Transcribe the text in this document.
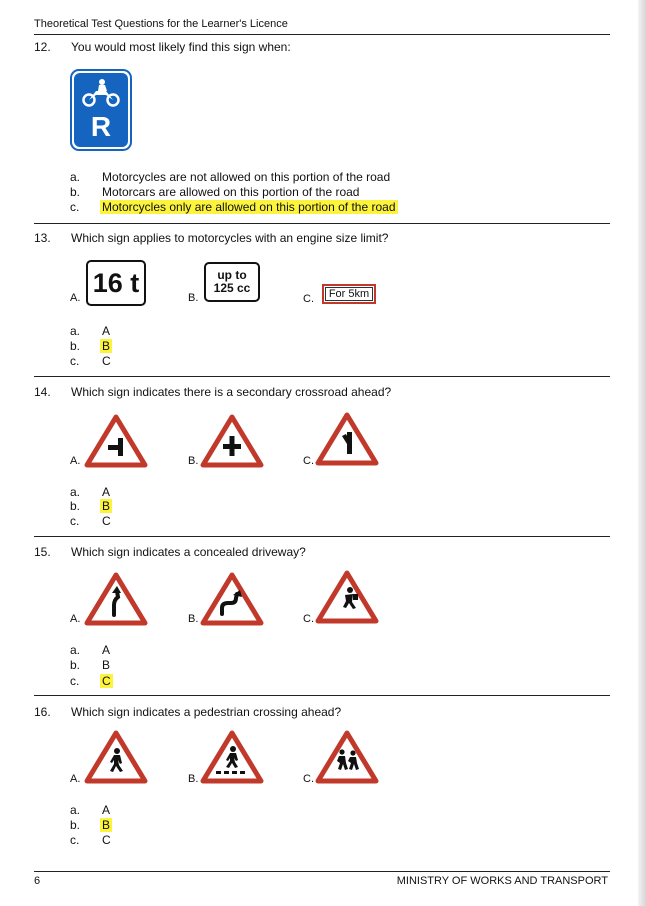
Theoretical Test Questions for the Learner's Licence
12. You would most likely find this sign when:
R
a. Motorcycles are not allowed on this portion of the road
b. Motorcars are allowed on this portion of the road
c. Motorcycles only are allowed on this portion of the road
13. Which sign applies to motorcycles with an engine size limit?
A. 16 t	B.
up to
125 cc
C.	For 5km
a. A
b. B
c. C
14. Which sign indicates there is a secondary crossroad ahead?
A.	B.	C.
a. A
b. B
c. C
15. Which sign indicates a concealed driveway?
A.	B.	C.
a. A
b. B
c. C
16. Which sign indicates a pedestrian crossing ahead?
A.	B.	C.
a. A
b. B
c. C
6	MINISTRY OF WORKS AND TRANSPORT
